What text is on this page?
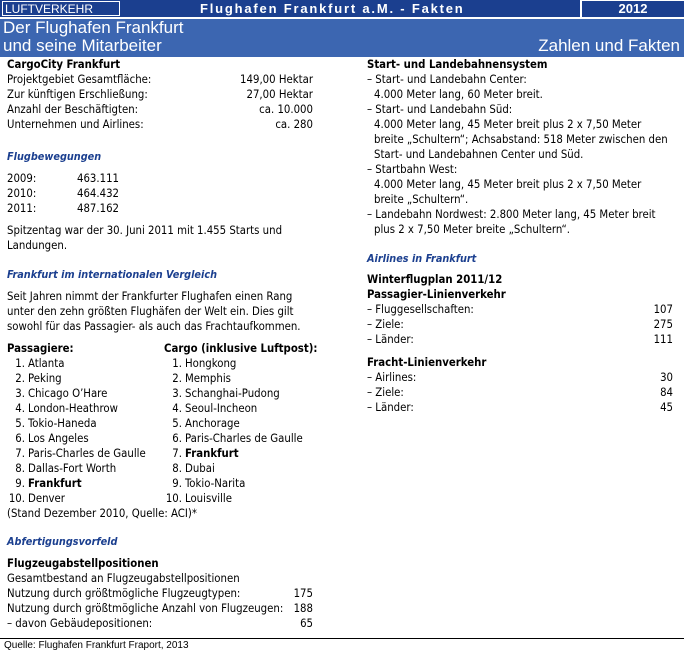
LUFTVERKEHR	Flughafen Frankfurt a.M. - Fakten	2012
Der Flughafen Frankfurt
und seine Mitarbeiter	Zahlen und Fakten
CargoCity Frankfurt
Projektgebiet Gesamtfläche:	149,00 Hektar
Zur künftigen Erschließung:	27,00 Hektar
Anzahl der Beschäftigten:	ca. 10.000
Unternehmen und Airlines:	ca. 280
Flugbewegungen
2009:	463.111
2010:	464.432
2011:	487.162
Spitzentag war der 30. Juni 2011 mit 1.455 Starts und
Landungen.
Frankfurt im internationalen Vergleich
Seit Jahren nimmt der Frankfurter Flughafen einen Rang
unter den zehn größten Flughäfen der Welt ein. Dies gilt
sowohl für das Passagier- als auch das Frachtaufkommen.
Passagiere:	Cargo (inklusive Luftpost):
1. Atlanta	1. Hongkong
2. Peking	2. Memphis
3. Chicago O’Hare	3. Schanghai-Pudong
4. London-Heathrow	4. Seoul-Incheon
5. Tokio-Haneda	5. Anchorage
6. Los Angeles	6. Paris-Charles de Gaulle
7. Paris-Charles de Gaulle	7. Frankfurt
8. Dallas-Fort Worth	8. Dubai
9. Frankfurt	9. Tokio-Narita
10. Denver	10. Louisville
(Stand Dezember 2010, Quelle: ACI)*
Abfertigungsvorfeld
Flugzeugabstellpositionen
Gesamtbestand an Flugzeugabstellpositionen
Nutzung durch größtmögliche Flugzeugtypen:	175
Nutzung durch größtmögliche Anzahl von Flugzeugen: 188
– davon Gebäudepositionen:	65
Start- und Landebahnensystem
– Start- und Landebahn Center:
4.000 Meter lang, 60 Meter breit.
– Start- und Landebahn Süd:
4.000 Meter lang, 45 Meter breit plus 2 x 7,50 Meter
breite „Schultern“; Achsabstand: 518 Meter zwischen den
Start- und Landebahnen Center und Süd.
– Startbahn West:
4.000 Meter lang, 45 Meter breit plus 2 x 7,50 Meter
breite „Schultern“.
– Landebahn Nordwest: 2.800 Meter lang, 45 Meter breit
plus 2 x 7,50 Meter breite „Schultern“.
Airlines in Frankfurt
Winterflugplan 2011/12
Passagier-Linienverkehr
– Fluggesellschaften:	107
– Ziele:	275
– Länder:	111
Fracht-Linienverkehr
– Airlines:	30
– Ziele:	84
– Länder:	45
Quelle: Flughafen Frankfurt Fraport, 2013
